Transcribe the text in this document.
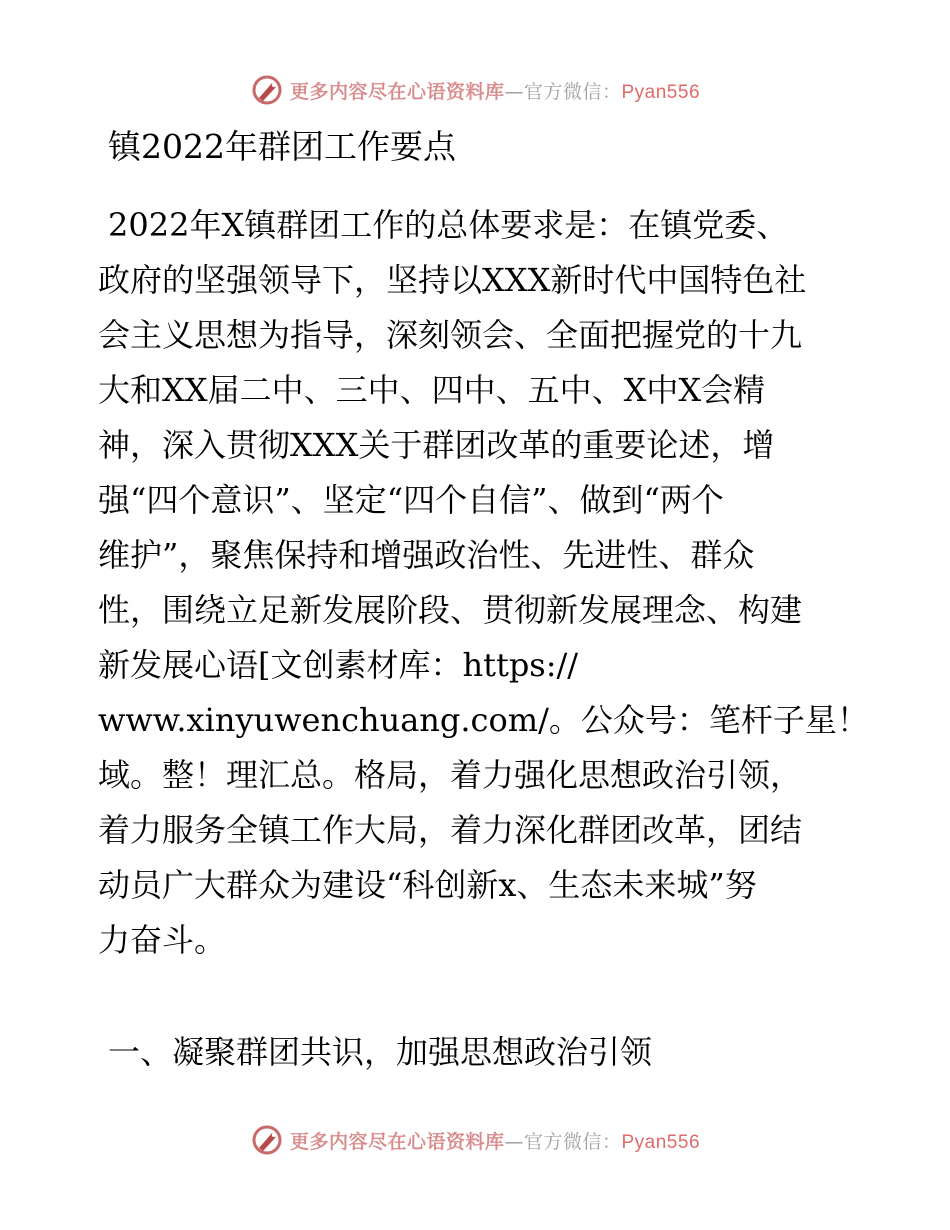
更多内容尽在心语资料库—官方微信：Pyan556
镇2022年群团工作要点
2022年X镇群团工作的总体要求是：在镇党委、
政府的坚强领导下，坚持以XXX新时代中国特色社
会主义思想为指导，深刻领会、全面把握党的十九
大和XX届二中、三中、四中、五中、X中X会精
神，深入贯彻XXX关于群团改革的重要论述，增
强“四个意识”、坚定“四个自信”、做到“两个
维护”，聚焦保持和增强政治性、先进性、群众
性，围绕立足新发展阶段、贯彻新发展理念、构建
新发展心语[文创素材库：https://
www.xinyuwenchuang.com/。公众号：笔杆子星！
域。整！理汇总。格局，着力强化思想政治引领，
着力服务全镇工作大局，着力深化群团改革，团结
动员广大群众为建设“科创新x、生态未来城”努
力奋斗。
一、凝聚群团共识，加强思想政治引领
更多内容尽在心语资料库—官方微信：Pyan556
